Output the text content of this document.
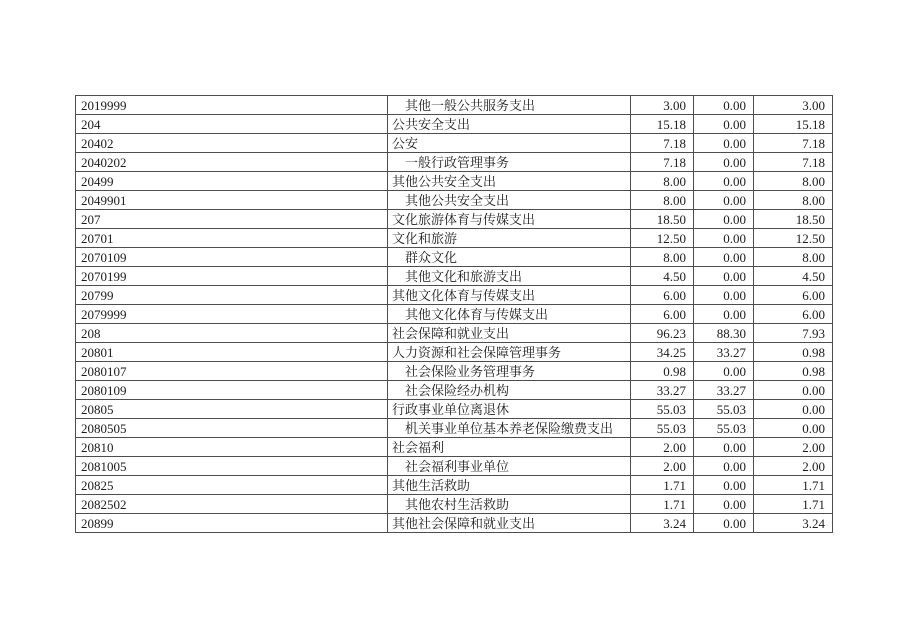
2019999	其他一般公共服务支出	3.00	0.00	3.00
204	公共安全支出	15.18	0.00	15.18
20402	公安	7.18	0.00	7.18
2040202	一般行政管理事务	7.18	0.00	7.18
20499	其他公共安全支出	8.00	0.00	8.00
2049901	其他公共安全支出	8.00	0.00	8.00
207	文化旅游体育与传媒支出	18.50	0.00	18.50
20701	文化和旅游	12.50	0.00	12.50
2070109	群众文化	8.00	0.00	8.00
2070199	其他文化和旅游支出	4.50	0.00	4.50
20799	其他文化体育与传媒支出	6.00	0.00	6.00
2079999	其他文化体育与传媒支出	6.00	0.00	6.00
208	社会保障和就业支出	96.23	88.30	7.93
20801	人力资源和社会保障管理事务	34.25	33.27	0.98
2080107	社会保险业务管理事务	0.98	0.00	0.98
2080109	社会保险经办机构	33.27	33.27	0.00
20805	行政事业单位离退休	55.03	55.03	0.00
2080505	机关事业单位基本养老保险缴费支出	55.03	55.03	0.00
20810	社会福利	2.00	0.00	2.00
2081005	社会福利事业单位	2.00	0.00	2.00
20825	其他生活救助	1.71	0.00	1.71
2082502	其他农村生活救助	1.71	0.00	1.71
20899	其他社会保障和就业支出	3.24	0.00	3.24
